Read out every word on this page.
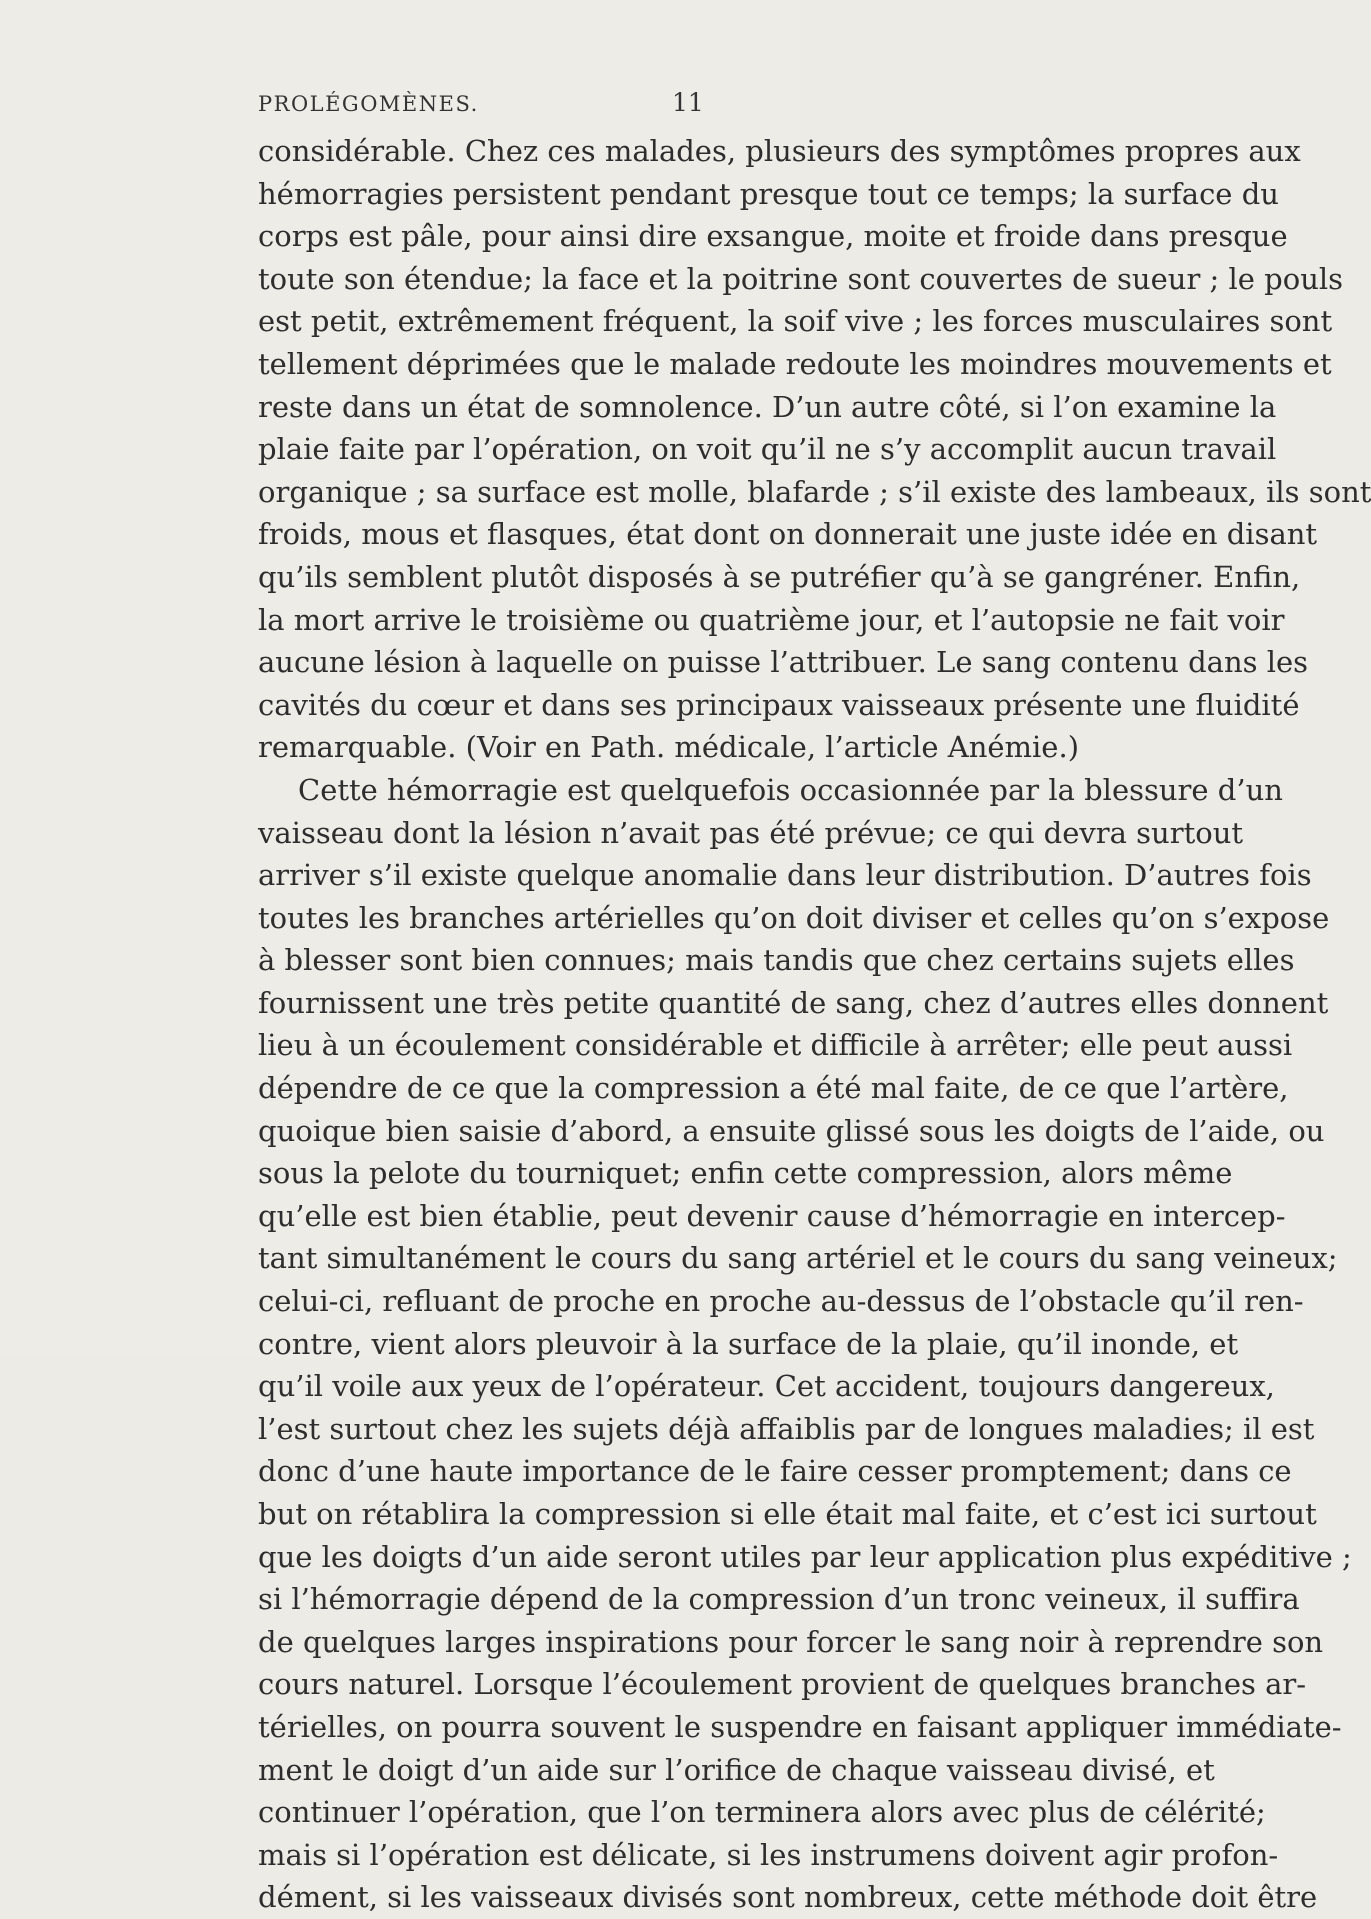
PROLÉGOMÈNES.	11
considérable. Chez ces malades, plusieurs des symptômes propres aux
hémorragies persistent pendant presque tout ce temps; la surface du
corps est pâle, pour ainsi dire exsangue, moite et froide dans presque
toute son étendue; la face et la poitrine sont couvertes de sueur ; le pouls
est petit, extrêmement fréquent, la soif vive ; les forces musculaires sont
tellement déprimées que le malade redoute les moindres mouvements et
reste dans un état de somnolence. D’un autre côté, si l’on examine la
plaie faite par l’opération, on voit qu’il ne s’y accomplit aucun travail
organique ; sa surface est molle, blafarde ; s’il existe des lambeaux, ils sont
froids, mous et flasques, état dont on donnerait une juste idée en disant
qu’ils semblent plutôt disposés à se putréfier qu’à se gangréner. Enfin,
la mort arrive le troisième ou quatrième jour, et l’autopsie ne fait voir
aucune lésion à laquelle on puisse l’attribuer. Le sang contenu dans les
cavités du cœur et dans ses principaux vaisseaux présente une fluidité
remarquable. (Voir en Path. médicale, l’article Anémie.)
Cette hémorragie est quelquefois occasionnée par la blessure d’un
vaisseau dont la lésion n’avait pas été prévue; ce qui devra surtout
arriver s’il existe quelque anomalie dans leur distribution. D’autres fois
toutes les branches artérielles qu’on doit diviser et celles qu’on s’expose
à blesser sont bien connues; mais tandis que chez certains sujets elles
fournissent une très petite quantité de sang, chez d’autres elles donnent
lieu à un écoulement considérable et difficile à arrêter; elle peut aussi
dépendre de ce que la compression a été mal faite, de ce que l’artère,
quoique bien saisie d’abord, a ensuite glissé sous les doigts de l’aide, ou
sous la pelote du tourniquet; enfin cette compression, alors même
qu’elle est bien établie, peut devenir cause d’hémorragie en intercep-
tant simultanément le cours du sang artériel et le cours du sang veineux;
celui-ci, refluant de proche en proche au-dessus de l’obstacle qu’il ren-
contre, vient alors pleuvoir à la surface de la plaie, qu’il inonde, et
qu’il voile aux yeux de l’opérateur. Cet accident, toujours dangereux,
l’est surtout chez les sujets déjà affaiblis par de longues maladies; il est
donc d’une haute importance de le faire cesser promptement; dans ce
but on rétablira la compression si elle était mal faite, et c’est ici surtout
que les doigts d’un aide seront utiles par leur application plus expéditive ;
si l’hémorragie dépend de la compression d’un tronc veineux, il suffira
de quelques larges inspirations pour forcer le sang noir à reprendre son
cours naturel. Lorsque l’écoulement provient de quelques branches ar-
térielles, on pourra souvent le suspendre en faisant appliquer immédiate-
ment le doigt d’un aide sur l’orifice de chaque vaisseau divisé, et
continuer l’opération, que l’on terminera alors avec plus de célérité;
mais si l’opération est délicate, si les instrumens doivent agir profon-
dément, si les vaisseaux divisés sont nombreux, cette méthode doit être
